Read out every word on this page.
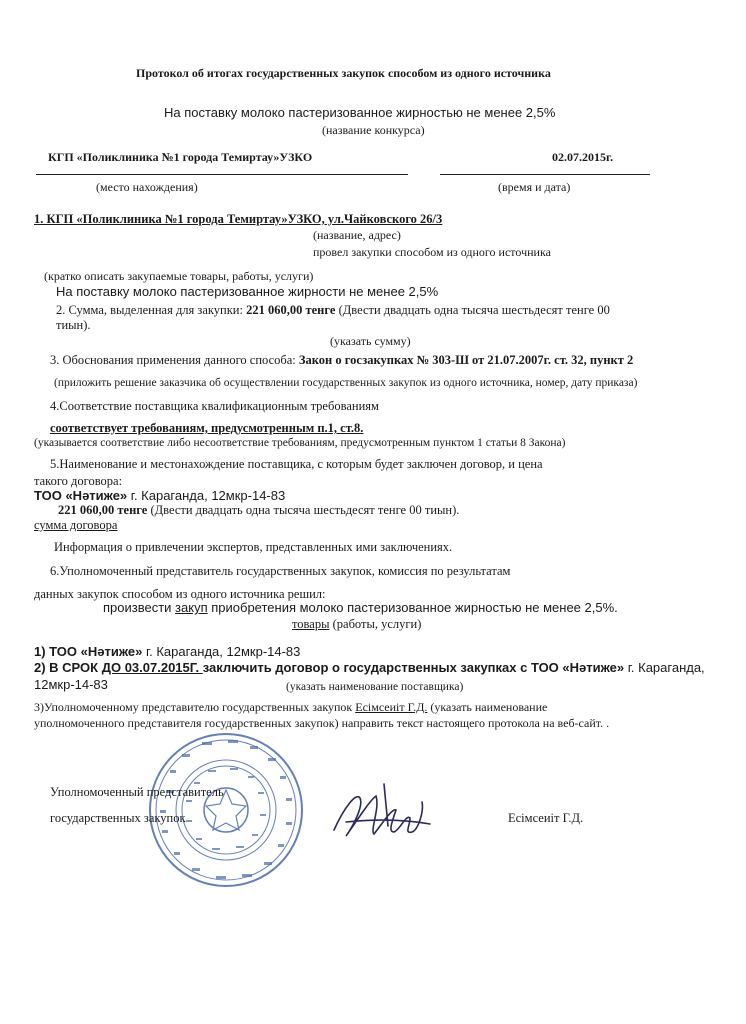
Протокол об итогах государственных закупок способом из одного источника
На поставку молоко пастеризованное жирностью не менее 2,5%
(название конкурса)
КГП «Поликлиника №1 города Темиртау»УЗКО	02.07.2015г.
(место нахождения)	(время и дата)
1. КГП «Поликлиника №1 города Темиртау»УЗКО, ул.Чайковского 26/3
(название, адрес)
провел закупки способом из одного источника
(кратко описать закупаемые товары, работы, услуги)
На поставку молоко пастеризованное жирности не менее 2,5%
2. Сумма, выделенная для закупки: 221 060,00 тенге (Двести двадцать одна тысяча шестьдесят тенге 00
тиын).
(указать сумму)
3. Обоснования применения данного способа: Закон о госзакупках № 303-Ш от 21.07.2007г. ст. 32, пункт 2
(приложить решение заказчика об осуществлении государственных закупок из одного источника, номер, дату приказа)
4.Соответствие поставщика квалификационным требованиям
соответствует требованиям, предусмотренным п.1, ст.8.
(указывается соответствие либо несоответствие требованиям, предусмотренным пунктом 1 статьи 8 Закона)
5.Наименование и местонахождение поставщика, с которым будет заключен договор, и цена
такого договора:
ТОО «Нәтиже» г. Караганда, 12мкр-14-83
221 060,00 тенге (Двести двадцать одна тысяча шестьдесят тенге 00 тиын).
сумма договора
Информация о привлечении экспертов, представленных ими заключениях.
6.Уполномоченный представитель государственных закупок, комиссия по результатам
данных закупок способом из одного источника решил:
произвести закуп приобретения молоко пастеризованное жирностью не менее 2,5%.
товары (работы, услуги)
1) ТОО «Нәтиже» г. Караганда, 12мкр-14-83
2) В СРОК ДО 03.07.2015Г. заключить договор о государственных закупках с ТОО «Нәтиже» г. Караганда,
12мкр-14-83	(указать наименование поставщика)
3)Уполномоченному представителю государственных закупок Есімсеиіт Г.Д. (указать наименование
уполномоченного представителя государственных закупок) направить текст настоящего протокола на веб-сайт. .
Уполномоченный представитель
государственных закупок	Есімсеиіт Г.Д.
